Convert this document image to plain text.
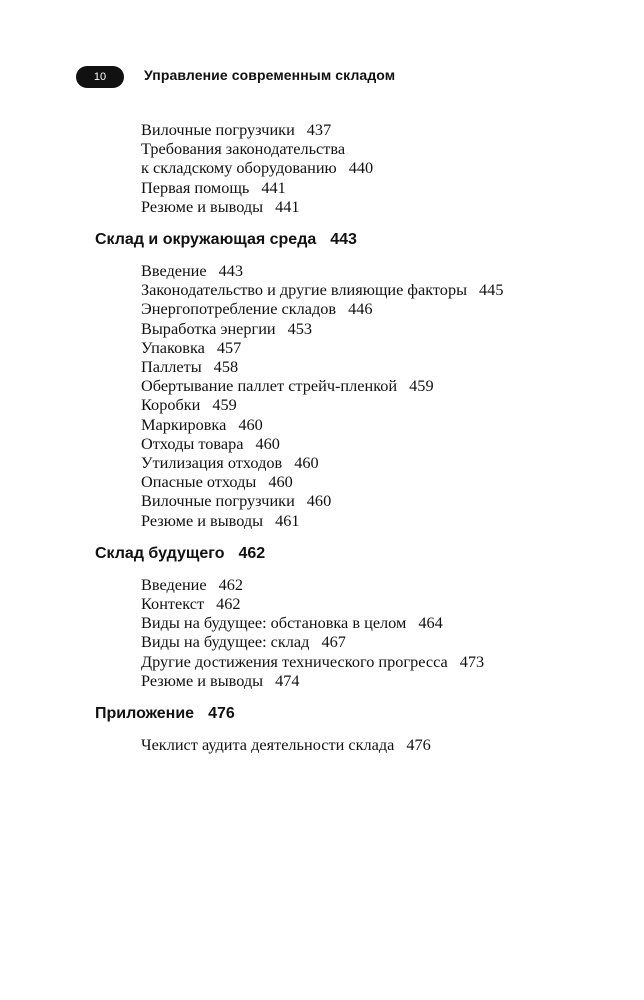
10	Управление современным складом
Вилочные погрузчики 437
Требования законодательства
к складскому оборудованию 440
Первая помощь 441
Резюме и выводы 441
Склад и окружающая среда 443
Введение 443
Законодательство и другие влияющие факторы 445
Энергопотребление складов 446
Выработка энергии 453
Упаковка 457
Паллеты 458
Обертывание паллет стрейч-пленкой 459
Коробки 459
Маркировка 460
Отходы товара 460
Утилизация отходов 460
Опасные отходы 460
Вилочные погрузчики 460
Резюме и выводы 461
Склад будущего 462
Введение 462
Контекст 462
Виды на будущее: обстановка в целом 464
Виды на будущее: склад 467
Другие достижения технического прогресса 473
Резюме и выводы 474
Приложение 476
Чеклист аудита деятельности склада 476
